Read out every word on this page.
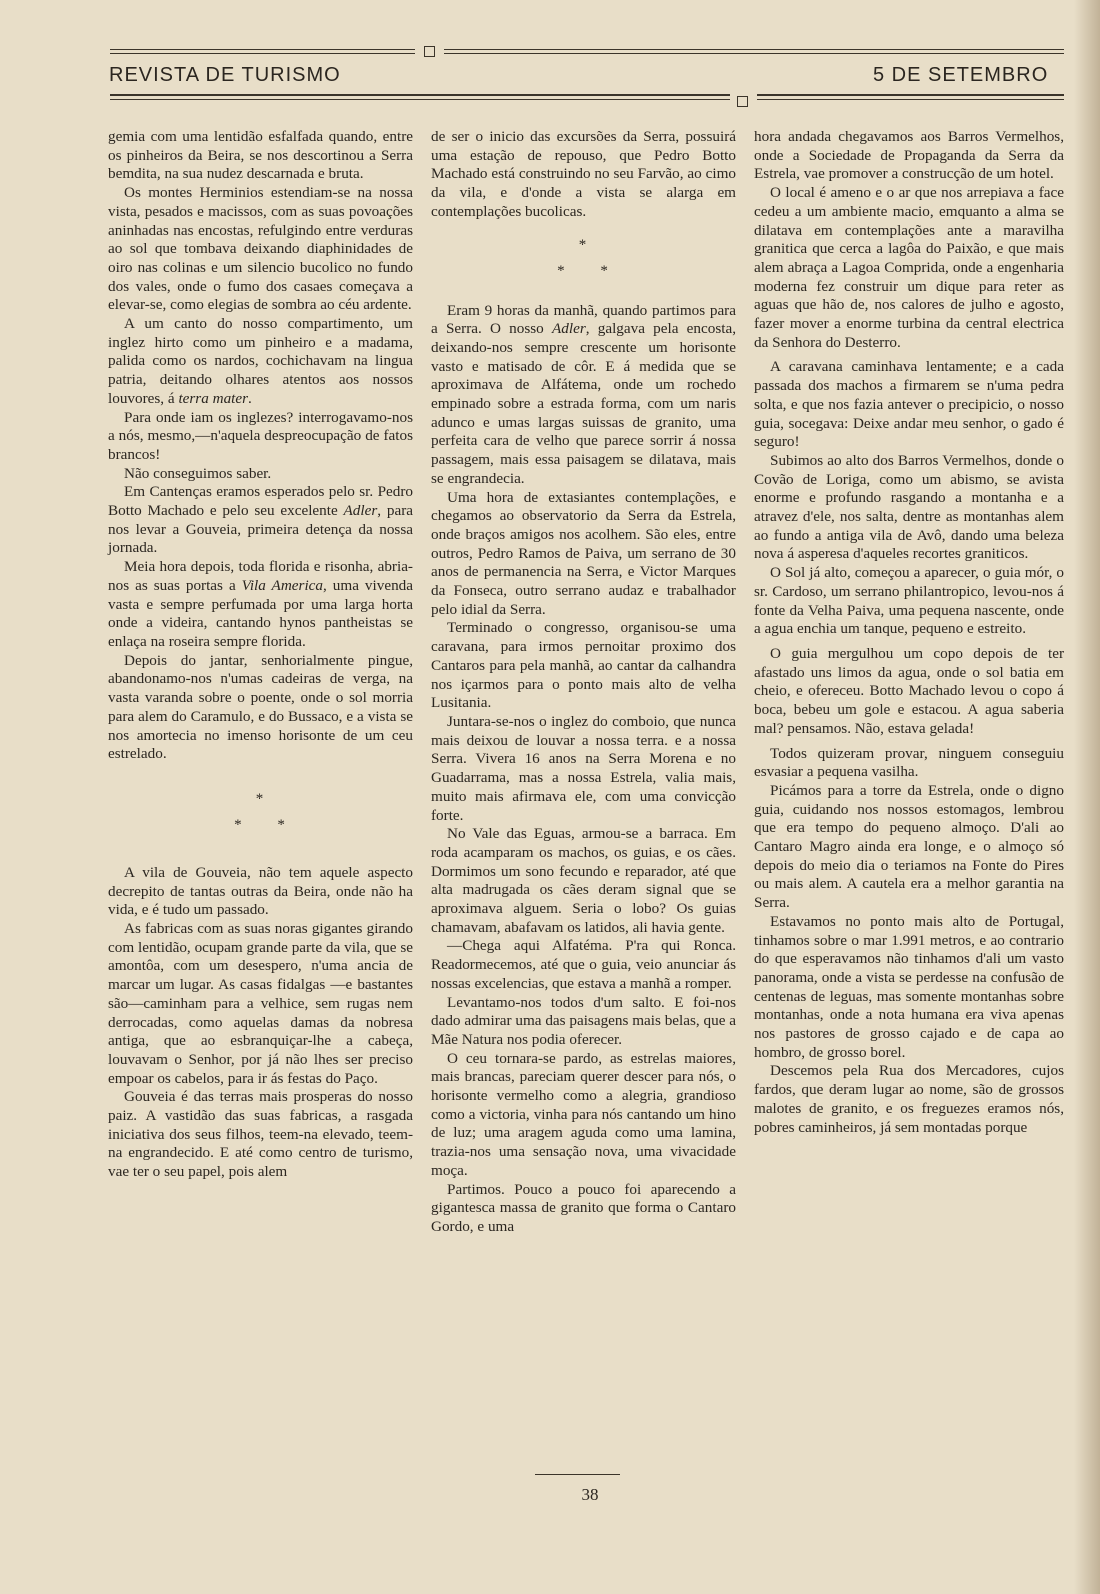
REVISTA DE TURISMO	5 DE SETEMBRO

gemia com uma lentidão esfalfada quando, entre os pinheiros da Beira, se nos descortinou a Serra bemdita, na sua nudez descarnada e bruta.

Os montes Herminios estendiam-se na nossa vista, pesados e macissos, com as suas povoações aninhadas nas encostas, refulgindo entre verduras ao sol que tombava deixando diaphinidades de oiro nas colinas e um silencio bucolico no fundo dos vales, onde o fumo dos casaes começava a elevar-se, como elegias de sombra ao céu ardente.

A um canto do nosso compartimento, um inglez hirto como um pinheiro e a madama, palida como os nardos, cochichavam na lingua patria, deitando olhares atentos aos nossos louvores, á terra mater.

Para onde iam os inglezes? interrogavamo-nos a nós, mesmo,—n'aquela despreocupação de fatos brancos!

Não conseguimos saber.

Em Cantenças eramos esperados pelo sr. Pedro Botto Machado e pelo seu excelente Adler, para nos levar a Gouveia, primeira detença da nossa jornada.

Meia hora depois, toda florida e risonha, abria-nos as suas portas a Vila America, uma vivenda vasta e sempre perfumada por uma larga horta onde a videira, cantando hynos pantheistas se enlaça na roseira sempre florida.

Depois do jantar, senhorialmente pingue, abandonamo-nos n'umas cadeiras de verga, na vasta varanda sobre o poente, onde o sol morria para alem do Caramulo, e do Bussaco, e a vista se nos amortecia no imenso horisonte de um ceu estrelado.

*
* *

A vila de Gouveia, não tem aquele aspecto decrepito de tantas outras da Beira, onde não ha vida, e é tudo um passado.

As fabricas com as suas noras gigantes girando com lentidão, ocupam grande parte da vila, que se amontôa, com um desespero, n'uma ancia de marcar um lugar. As casas fidalgas —e bastantes são—caminham para a velhice, sem rugas nem derrocadas, como aquelas damas da nobresa antiga, que ao esbranquiçar-lhe a cabeça, louvavam o Senhor, por já não lhes ser preciso empoar os cabelos, para ir ás festas do Paço.

Gouveia é das terras mais prosperas do nosso paiz. A vastidão das suas fabricas, a rasgada iniciativa dos seus filhos, teem-na elevado, teem-na engrandecido. E até como centro de turismo, vae ter o seu papel, pois alem

de ser o inicio das excursões da Serra, possuirá uma estação de repouso, que Pedro Botto Machado está construindo no seu Farvão, ao cimo da vila, e d'onde a vista se alarga em contemplações bucolicas.

*
* *

Eram 9 horas da manhã, quando partimos para a Serra. O nosso Adler, galgava pela encosta, deixando-nos sempre crescente um horisonte vasto e matisado de côr. E á medida que se aproximava de Alfátema, onde um rochedo empinado sobre a estrada forma, com um naris adunco e umas largas suissas de granito, uma perfeita cara de velho que parece sorrir á nossa passagem, mais essa paisagem se dilatava, mais se engrandecia.

Uma hora de extasiantes contemplações, e chegamos ao observatorio da Serra da Estrela, onde braços amigos nos acolhem. São eles, entre outros, Pedro Ramos de Paiva, um serrano de 30 anos de permanencia na Serra, e Victor Marques da Fonseca, outro serrano audaz e trabalhador pelo idial da Serra.

Terminado o congresso, organisou-se uma caravana, para irmos pernoitar proximo dos Cantaros para pela manhã, ao cantar da calhandra nos içarmos para o ponto mais alto de velha Lusitania.

Juntara-se-nos o inglez do comboio, que nunca mais deixou de louvar a nossa terra. e a nossa Serra. Vivera 16 anos na Serra Morena e no Guadarrama, mas a nossa Estrela, valia mais, muito mais afirmava ele, com uma convicção forte.

No Vale das Eguas, armou-se a barraca. Em roda acamparam os machos, os guias, e os cães. Dormimos um sono fecundo e reparador, até que alta madrugada os cães deram signal que se aproximava alguem. Seria o lobo? Os guias chamavam, abafavam os latidos, ali havia gente.

—Chega aqui Alfatéma. P'ra qui Ronca. Readormecemos, até que o guia, veio anunciar ás nossas excelencias, que estava a manhã a romper.

Levantamo-nos todos d'um salto. E foi-nos dado admirar uma das paisagens mais belas, que a Mãe Natura nos podia oferecer.

O ceu tornara-se pardo, as estrelas maiores, mais brancas, pareciam querer descer para nós, o horisonte vermelho como a alegria, grandioso como a victoria, vinha para nós cantando um hino de luz; uma aragem aguda como uma lamina, trazia-nos uma sensação nova, uma vivacidade moça.

Partimos. Pouco a pouco foi aparecendo a gigantesca massa de granito que forma o Cantaro Gordo, e uma

hora andada chegavamos aos Barros Vermelhos, onde a Sociedade de Propaganda da Serra da Estrela, vae promover a construcção de um hotel.

O local é ameno e o ar que nos arrepiava a face cedeu a um ambiente macio, emquanto a alma se dilatava em contemplações ante a maravilha granitica que cerca a lagôa do Paixão, e que mais alem abraça a Lagoa Comprida, onde a engenharia moderna fez construir um dique para reter as aguas que hão de, nos calores de julho e agosto, fazer mover a enorme turbina da central electrica da Senhora do Desterro.

A caravana caminhava lentamente; e a cada passada dos machos a firmarem se n'uma pedra solta, e que nos fazia antever o precipicio, o nosso guia, socegava: Deixe andar meu senhor, o gado é seguro!

Subimos ao alto dos Barros Vermelhos, donde o Covão de Loriga, como um abismo, se avista enorme e profundo rasgando a montanha e a atravez d'ele, nos salta, dentre as montanhas alem ao fundo a antiga vila de Avô, dando uma beleza nova á asperesa d'aqueles recortes graniticos.

O Sol já alto, começou a aparecer, o guia mór, o sr. Cardoso, um serrano philantropico, levou-nos á fonte da Velha Paiva, uma pequena nascente, onde a agua enchia um tanque, pequeno e estreito.

O guia mergulhou um copo depois de ter afastado uns limos da agua, onde o sol batia em cheio, e ofereceu. Botto Machado levou o copo á boca, bebeu um gole e estacou. A agua saberia mal? pensamos. Não, estava gelada!

Todos quizeram provar, ninguem conseguiu esvasiar a pequena vasilha.

Picámos para a torre da Estrela, onde o digno guia, cuidando nos nossos estomagos, lembrou que era tempo do pequeno almoço. D'ali ao Cantaro Magro ainda era longe, e o almoço só depois do meio dia o teriamos na Fonte do Pires ou mais alem. A cautela era a melhor garantia na Serra.

Estavamos no ponto mais alto de Portugal, tinhamos sobre o mar 1.991 metros, e ao contrario do que esperavamos não tinhamos d'ali um vasto panorama, onde a vista se perdesse na confusão de centenas de leguas, mas somente montanhas sobre montanhas, onde a nota humana era viva apenas nos pastores de grosso cajado e de capa ao hombro, de grosso borel.

Descemos pela Rua dos Mercadores, cujos fardos, que deram lugar ao nome, são de grossos malotes de granito, e os freguezes eramos nós, pobres caminheiros, já sem montadas porque

38
